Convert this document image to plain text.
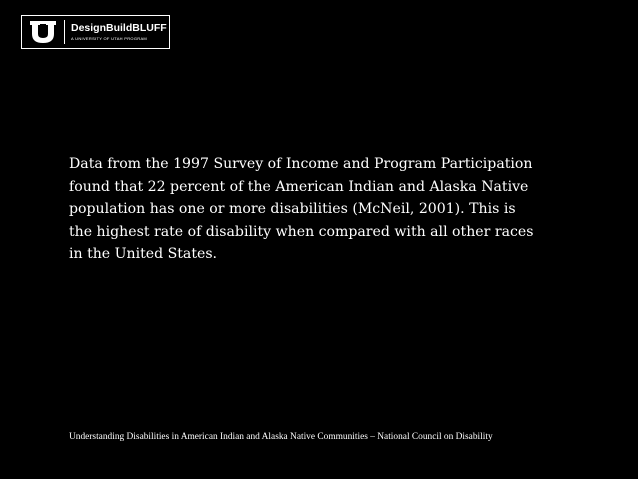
DesignBuildBLUFF
A UNIVERSITY OF UTAH PROGRAM

Data from the 1997 Survey of Income and Program Participation
found that 22 percent of the American Indian and Alaska Native
population has one or more disabilities (McNeil, 2001). This is
the highest rate of disability when compared with all other races
in the United States.

Understanding Disabilities in American Indian and Alaska Native Communities – National Council on Disability
